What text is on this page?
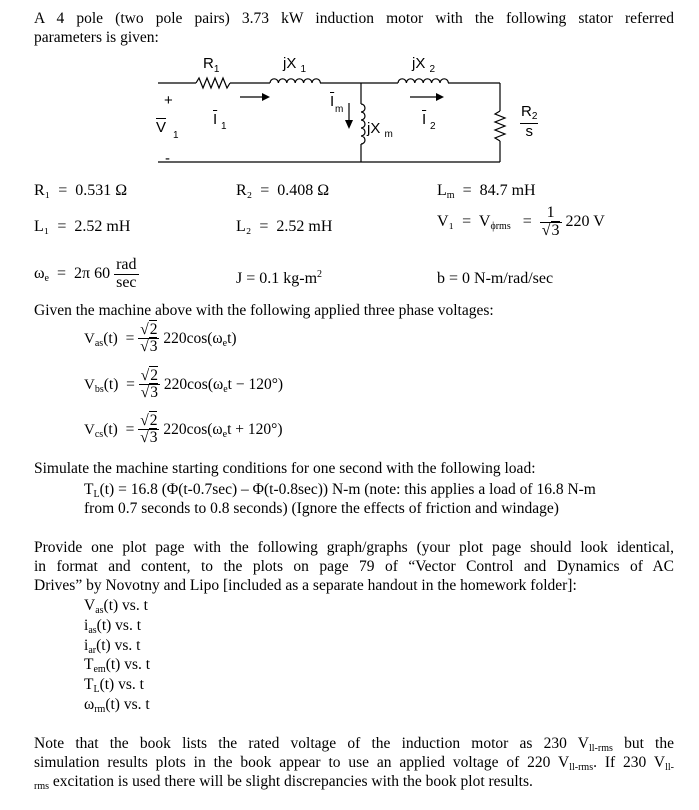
A 4 pole (two pole pairs) 3.73 kW induction motor with the following stator referred
parameters is given:
$R_1$	jX $_1$	jX $_2$
+
$\overline{V}$ 1
-
$\overline{I}$ 1
$\overline{I}$ m
jX $_m$
$\overline{I}$ 2
$R_2$
s
R₁ = 0.531 Ω	R₂ = 0.408 Ω	$L_m = 84.7$ mH
L₁ = 2.52 mH	L₂ = 2.52 mH	$V_1 = V_{\phi rms} = \frac{1}{√3} 220$ V
$\omega_e = 2\pi$ $60 \frac{\text{rad}}{\sec}$	J = 0.1 $kg-m^2$	b = 0 N-m/rad/sec
Given the machine above with the following applied three phase voltages:
$V_{as}(t) = \frac{√2}{√3} 220\cos(\omega_et)$
$V_{bs}(t) = \frac{√2}{√3} 220\cos(\omega_et - 120^\circ)$
$V_{cs}(t) = \frac{√2}{√3} 220\cos(\omega_et + 120^\circ)$
Simulate the machine starting conditions for one second with the following load:
$T_L(t) = 16.8$ (Φ(t-0.7sec) – Φ(t-0.8sec)) N-m (note: this applies a load of 16.8 N-m
from 0.7 seconds to 0.8 seconds) (Ignore the effects of friction and windage)
Provide one plot page with the following graph/graphs (your plot page should look identical,
in format and content, to the plots on page 79 of “Vector Control and Dynamics of AC
Drives” by Novotny and Lipo [included as a separate handout in the homework folder]:
$V_{as}(t)$ vs. t
$i_{as}(t)$ vs. t
$i_{ar}(t)$ vs. t
$T_{em}(t)$ vs. t
$T_L(t)$ vs. t
$\omega_{rm}(t)$ vs. t
Note that the book lists the rated voltage of the induction motor as 230 $V_{ll-rms}$ but the
simulation results plots in the book appear to use an applied voltage of 220 $V_{ll-rms}$. If 230 $V_{ll-}$
$_{rms}$ excitation is used there will be slight discrepancies with the book plot results.
